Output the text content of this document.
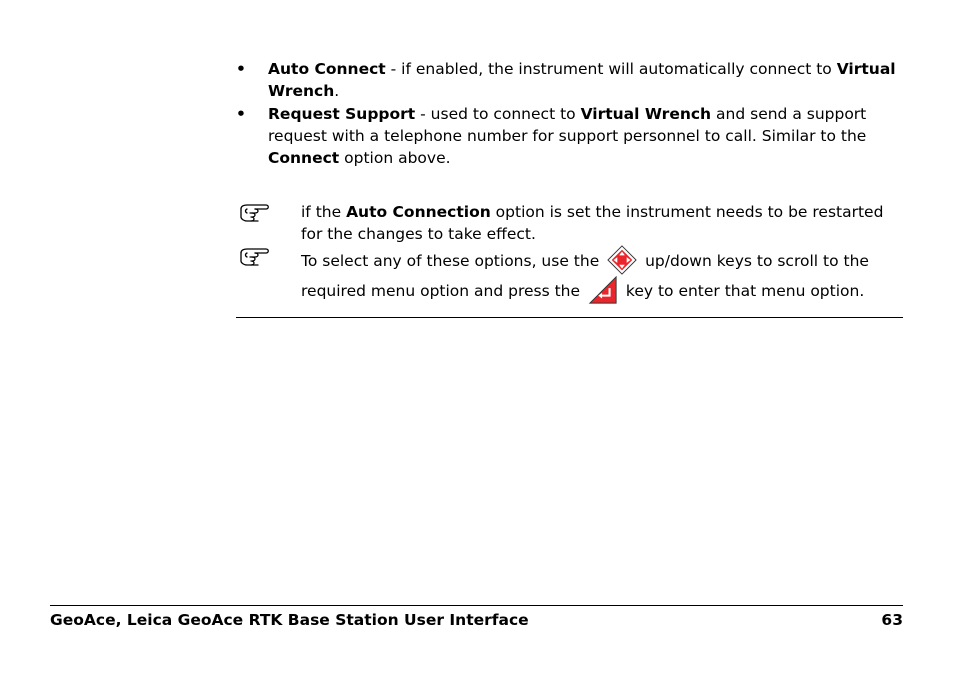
• Auto Connect - if enabled, the instrument will automatically connect to Virtual Wrench.
• Request Support - used to connect to Virtual Wrench and send a support request with a telephone number for support personnel to call. Similar to the Connect option above.
if the Auto Connection option is set the instrument needs to be restarted for the changes to take effect.
To select any of these options, use the  up/down keys to scroll to the required menu option and press the  key to enter that menu option.
GeoAce, Leica GeoAce RTK Base Station User Interface	63
